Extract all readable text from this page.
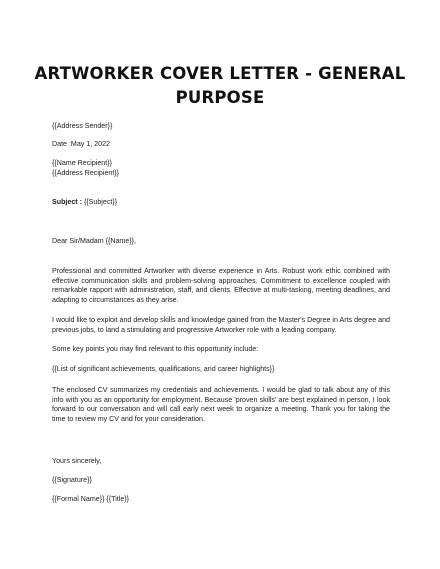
ARTWORKER COVER LETTER - GENERAL PURPOSE
{{Address Sender}}
Date :May 1, 2022
{{Name Recipient}}
{{Address Recipient}}
Subject : {{Subject}}
Dear Sir/Madam {{Name}},
Professional and committed Artworker with diverse experience in Arts. Robust work ethic combined with effective communication skills and problem-solving approaches. Commitment to excellence coupled with remarkable rapport with administration, staff, and clients. Effective at multi-tasking, meeting deadlines, and adapting to circumstances as they arise.
I would like to exploit and develop skills and knowledge gained from the Master's Degree in Arts degree and previous jobs, to land a stimulating and progressive Artworker role with a leading company.
Some key points you may find relevant to this opportunity include:
{{List of significant achievements, qualifications, and career highlights}}
The enclosed CV summarizes my credentials and achievements. I would be glad to talk about any of this info with you as an opportunity for employment. Because 'proven skills' are best explained in person, I look forward to our conversation and will call early next week to organize a meeting. Thank you for taking the time to review my CV and for your consideration.
Yours sincerely,
{{Signature}}
{{Formal Name}} {{Title}}
